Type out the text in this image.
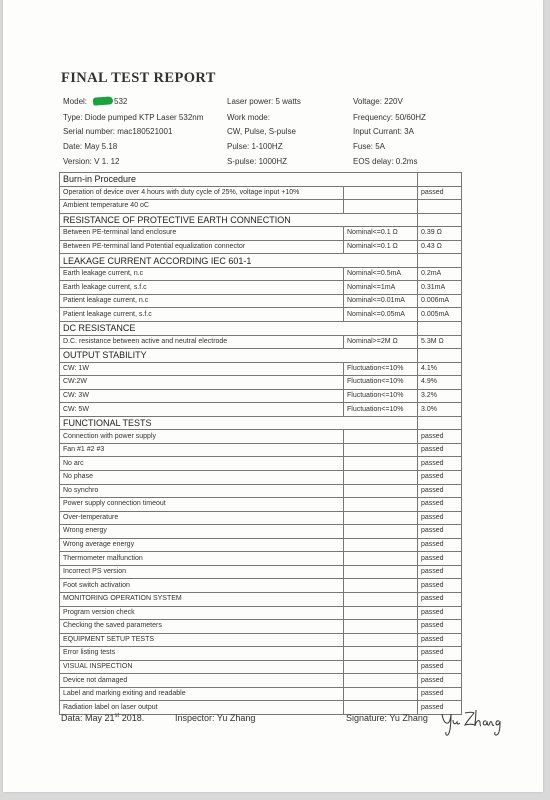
FINAL TEST REPORT
Model:	532
Type: Diode pumped KTP Laser 532nm
Serial number: mac180521001
Date: May 5.18
Version: V 1. 12
Laser power: 5 watts
Work mode:
CW, Pulse, S-pulse
Pulse: 1-100HZ
S-pulse: 1000HZ
Voltage: 220V
Frequency: 50/60HZ
Input Currant: 3A
Fuse: 5A
EOS delay: 0.2ms
Burn-in Procedure		
Operation of device over 4 hours with duty cycle of 25%, voltage input +10%		passed
Ambient temperature 40 oC		
RESISTANCE OF PROTECTIVE EARTH CONNECTION		
Between PE-terminal land enclosure	Nominal<=0.1 Ω	0.39 Ω
Between PE-terminal land Potential equalization connector	Nominal<=0.1 Ω	0.43 Ω
LEAKAGE CURRENT ACCORDING IEC 601-1		
Earth leakage current, n.c	Nominal<=0.5mA	0.2mA
Earth leakage current, s.f.c	Nominal<=1mA	0.31mA
Patient leakage current, n.c	Nominal<=0.01mA	0.006mA
Patient leakage current, s.f.c	Nominal<=0.05mA	0.005mA
DC RESISTANCE		
D.C. resistance between active and neutral electrode	Nominal>=2M Ω	5.3M Ω
OUTPUT STABILITY		
CW: 1W	Fluctuation<=10%	4.1%
CW:2W	Fluctuation<=10%	4.9%
CW: 3W	Fluctuation<=10%	3.2%
CW: 5W	Fluctuation<=10%	3.0%
FUNCTIONAL TESTS		
Connection with power supply		passed
Fan #1 #2 #3		passed
No arc		passed
No phase		passed
No synchro		passed
Power supply connection timeout		passed
Over-temperature		passed
Wrong energy		passed
Wrong average energy		passed
Thermometer malfunction		passed
Incorrect PS version		passed
Foot switch activation		passed
MONITORING OPERATION SYSTEM		passed
Program version check		passed
Checking the saved parameters		passed
EQUIPMENT SETUP TESTS		passed
Error listing tests		passed
VISUAL INSPECTION		passed
Device not damaged		passed
Label and marking exiting and readable		passed
Radiation label on laser output		passed
Data: May 21st 2018.	Inspector: Yu Zhang	Signature: Yu Zhang
